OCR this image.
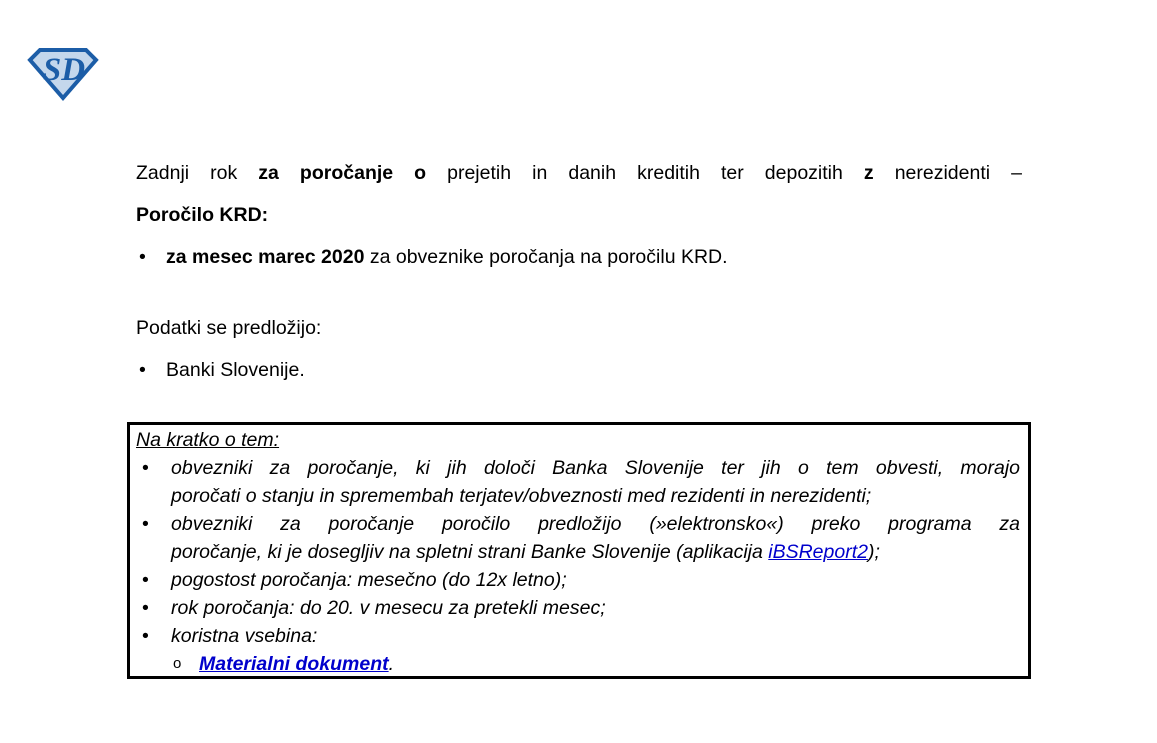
SD
Zadnji rok za poročanje o prejetih in danih kreditih ter depozitih z nerezidenti –
Poročilo KRD:
•	za mesec marec 2020 za obveznike poročanja na poročilu KRD.
Podatki se predložijo:
•	Banki Slovenije.
Na kratko o tem:
•	obvezniki za poročanje, ki jih določi Banka Slovenije ter jih o tem obvesti, morajo
poročati o stanju in spremembah terjatev/obveznosti med rezidenti in nerezidenti;
•	obvezniki za poročanje poročilo predložijo (»elektronsko«) preko programa za
poročanje, ki je dosegljiv na spletni strani Banke Slovenije (aplikacija iBSReport2);
•	pogostost poročanja: mesečno (do 12x letno);
•	rok poročanja: do 20. v mesecu za pretekli mesec;
•	koristna vsebina:
o Materialni dokument.
